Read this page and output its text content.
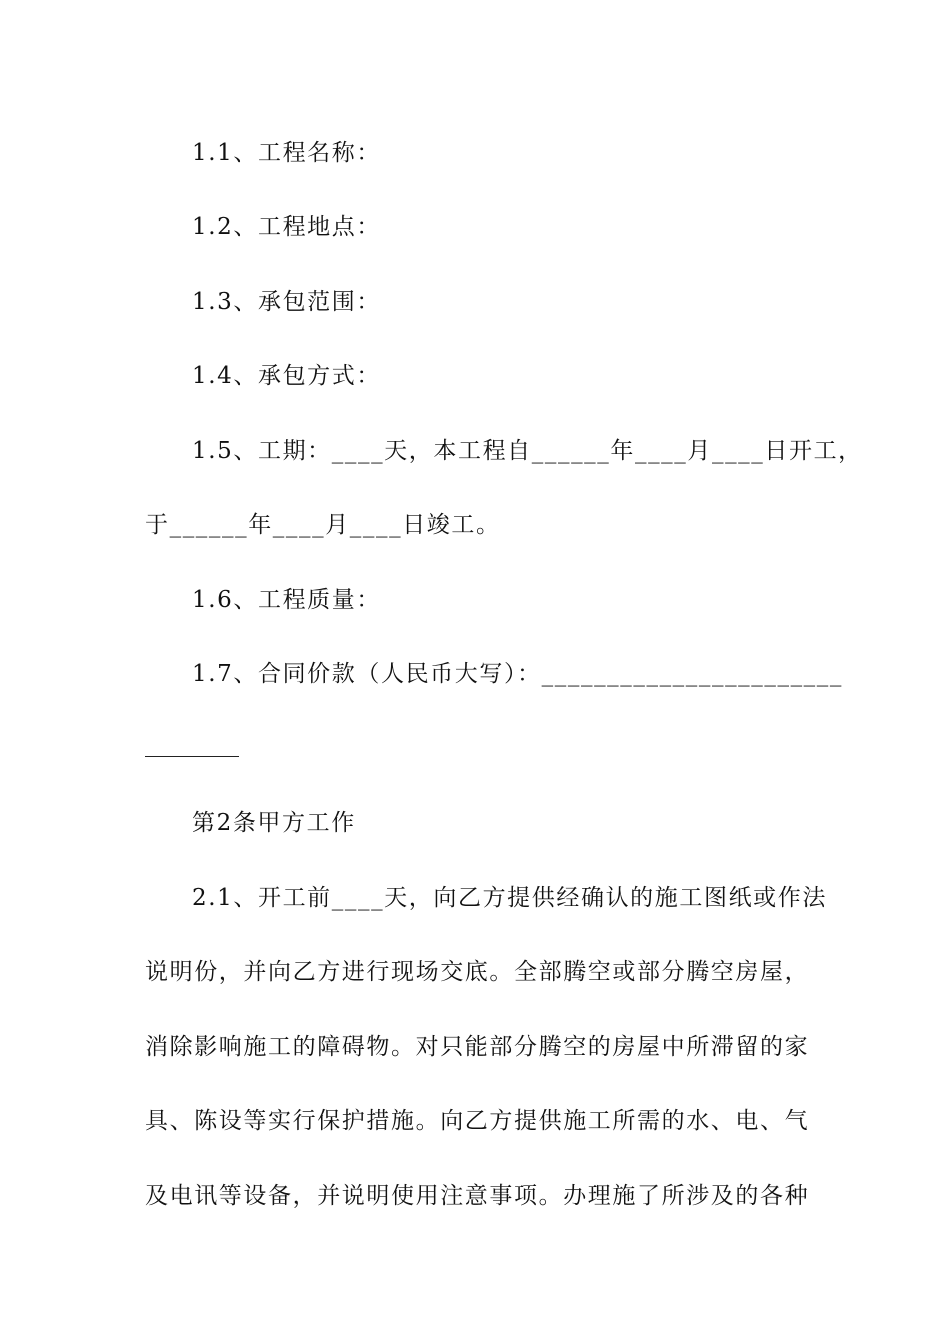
1.1、工程名称：
1.2、工程地点：
1.3、承包范围：
1.4、承包方式：
1.5、工期：____天，本工程自______年____月____日开工，
于______年____月____日竣工。
1.6、工程质量：
1.7、合同价款（人民币大写）：_______________________
第2条甲方工作
2.1、开工前____天，向乙方提供经确认的施工图纸或作法
说明份，并向乙方进行现场交底。全部腾空或部分腾空房屋，
消除影响施工的障碍物。对只能部分腾空的房屋中所滞留的家
具、陈设等实行保护措施。向乙方提供施工所需的水、电、气
及电讯等设备，并说明使用注意事项。办理施了所涉及的各种
